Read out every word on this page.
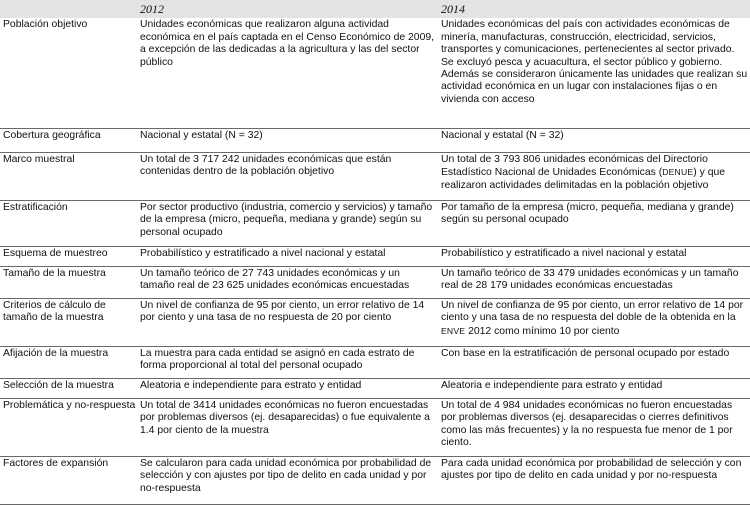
	2012	2014
Población objetivo	Unidades económicas que realizaron alguna actividad económica en el país captada en el Censo Económico de 2009, a excepción de las dedicadas a la agricultura y las del sector público	Unidades económicas del país con actividades económicas de minería, manufacturas, construcción, electricidad, servicios, transportes y comunicaciones, pertenecientes al sector privado. Se excluyó pesca y acuacultura, el sector público y gobierno. Además se consideraron únicamente las unidades que realizan su actividad económica en un lugar con instalaciones fijas o en vivienda con acceso
Cobertura geográfica	Nacional y estatal (N = 32)	Nacional y estatal (N = 32)
Marco muestral	Un total de 3 717 242 unidades económicas que están contenidas dentro de la población objetivo	Un total de 3 793 806 unidades económicas del Directorio Estadístico Nacional de Unidades Económicas (DENUE) y que realizaron actividades delimitadas en la población objetivo
Estratificación	Por sector productivo (industria, comercio y servicios) y tamaño de la empresa (micro, pequeña, mediana y grande) según su personal ocupado	Por tamaño de la empresa (micro, pequeña, mediana y grande) según su personal ocupado
Esquema de muestreo	Probabilístico y estratificado a nivel nacional y estatal	Probabilístico y estratificado a nivel nacional y estatal
Tamaño de la muestra	Un tamaño teórico de 27 743 unidades económicas y un tamaño real de 23 625 unidades económicas encuestadas	Un tamaño teórico de 33 479 unidades económicas y un tamaño real de 28 179 unidades económicas encuestadas
Criterios de cálculo de tamaño de la muestra	Un nivel de confianza de 95 por ciento, un error relativo de 14 por ciento y una tasa de no respuesta de 20 por ciento	Un nivel de confianza de 95 por ciento, un error relativo de 14 por ciento y una tasa de no respuesta del doble de la obtenida en la ENVE 2012 como mínimo 10 por ciento
Afijación de la muestra	La muestra para cada entidad se asignó en cada estrato de forma proporcional al total del personal ocupado	Con base en la estratificación de personal ocupado por estado
Selección de la muestra	Aleatoria e independiente para estrato y entidad	Aleatoria e independiente para estrato y entidad
Problemática y no-respuesta	Un total de 3414 unidades económicas no fueron encuestadas por problemas diversos (ej. desaparecidas) o fue equivalente a 1.4 por ciento de la muestra	Un total de 4 984 unidades económicas no fueron encuestadas por problemas diversos (ej. desaparecidas o cierres definitivos como las más frecuentes) y la no respuesta fue menor de 1 por ciento.
Factores de expansión	Se calcularon para cada unidad económica por probabilidad de selección y con ajustes por tipo de delito en cada unidad y por no-respuesta	Para cada unidad económica por probabilidad de selección y con ajustes por tipo de delito en cada unidad y por no-respuesta
